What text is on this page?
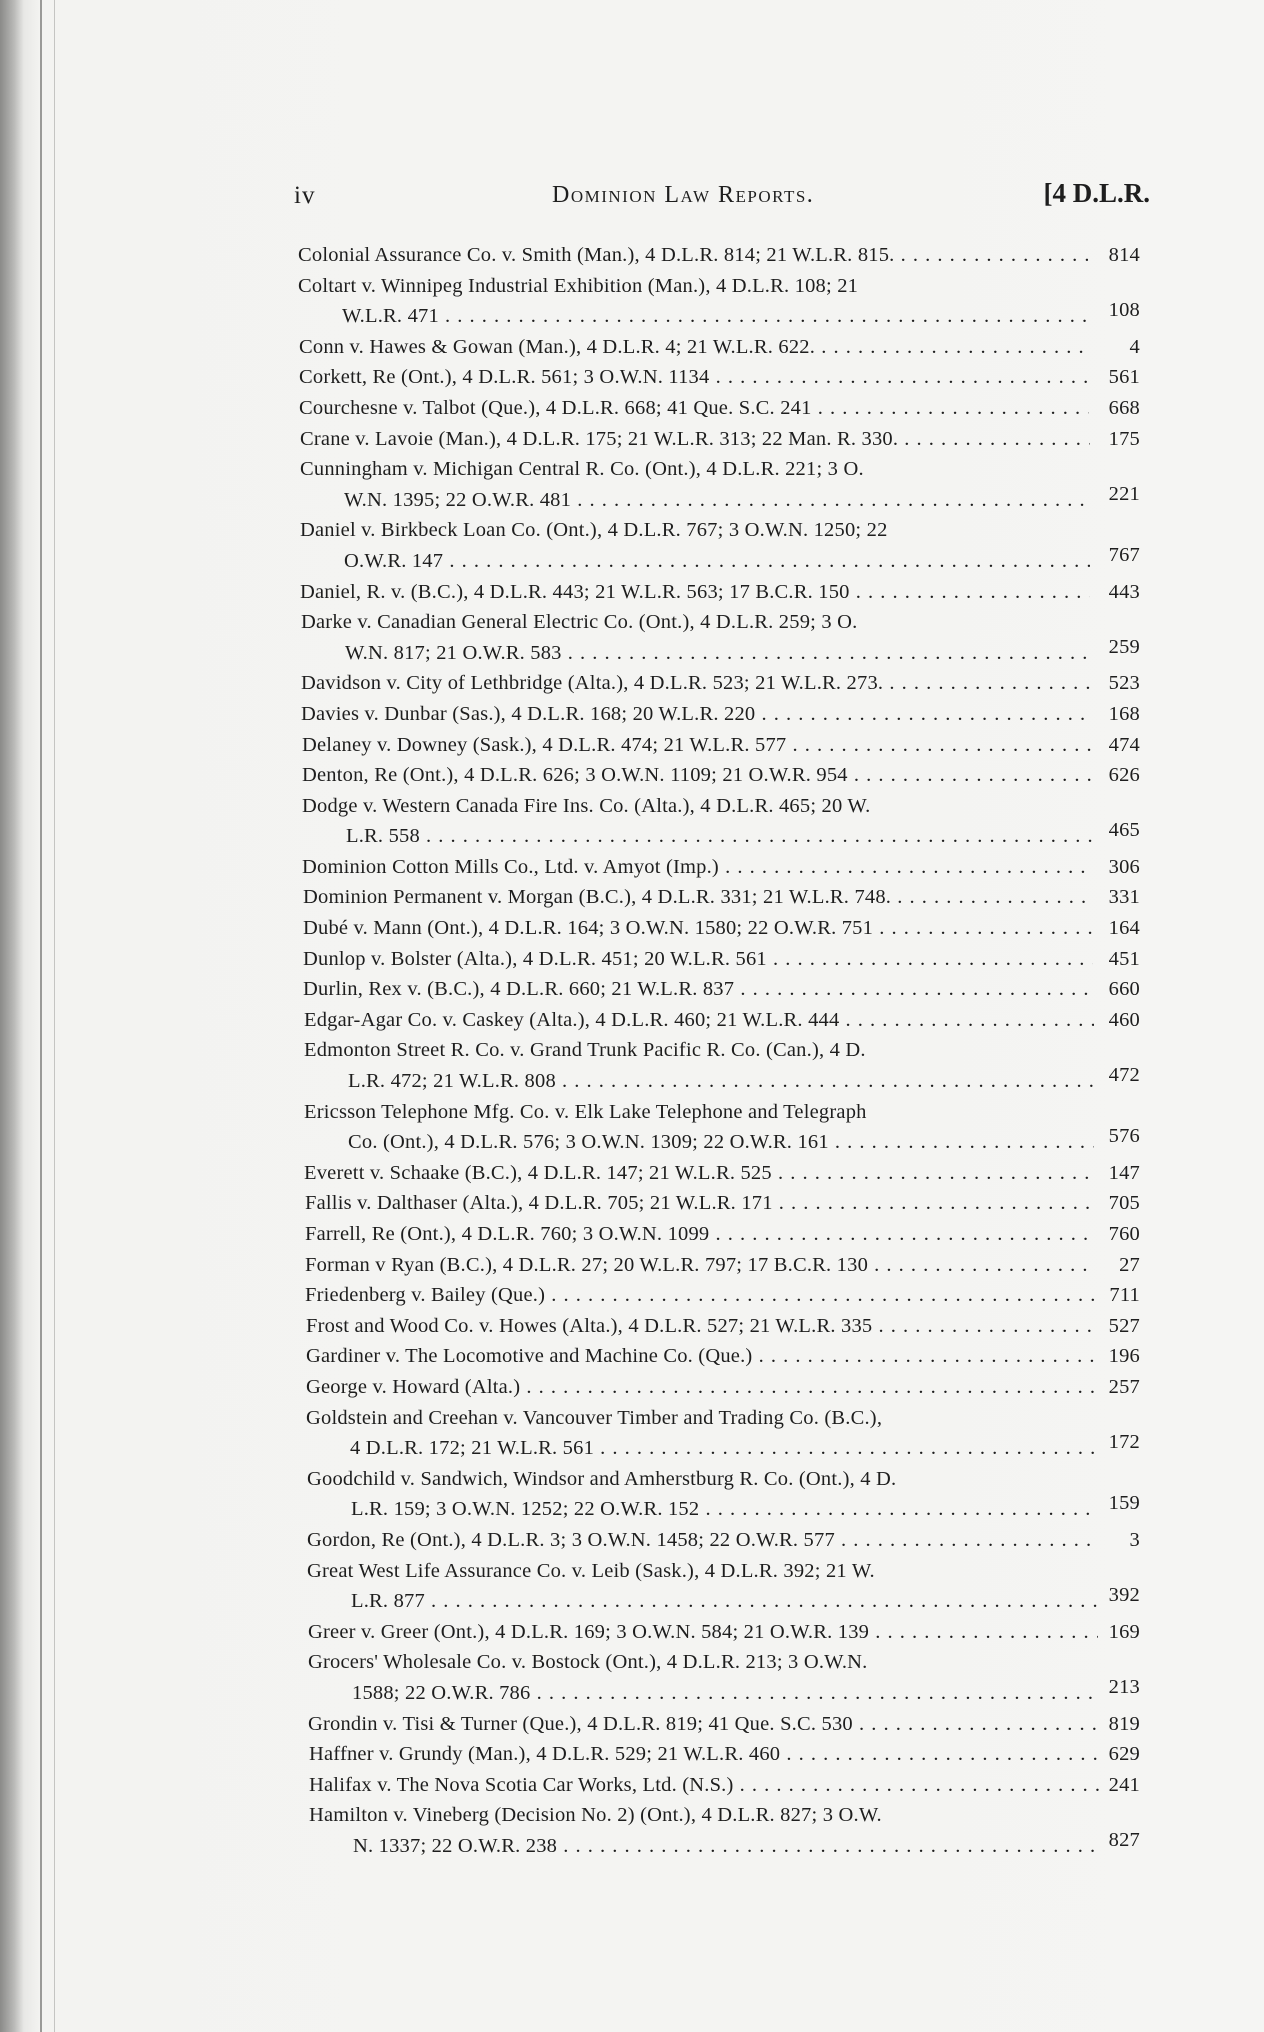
iv	Dominion Law Reports.	[4 D.L.R.
Colonial Assurance Co. v. Smith (Man.), 4 D.L.R. 814; 21 W.L.R. 815. . . .	814
Coltart v. Winnipeg Industrial Exhibition (Man.), 4 D.L.R. 108; 21
W.L.R. 471 . . .	108
Conn v. Hawes & Gowan (Man.), 4 D.L.R. 4; 21 W.L.R. 622. . . .	4
Corkett, Re (Ont.), 4 D.L.R. 561; 3 O.W.N. 1134 . . .	561
Courchesne v. Talbot (Que.), 4 D.L.R. 668; 41 Que. S.C. 241 . . .	668
Crane v. Lavoie (Man.), 4 D.L.R. 175; 21 W.L.R. 313; 22 Man. R. 330. . . .	175
Cunningham v. Michigan Central R. Co. (Ont.), 4 D.L.R. 221; 3 O.
W.N. 1395; 22 O.W.R. 481 . . .	221
Daniel v. Birkbeck Loan Co. (Ont.), 4 D.L.R. 767; 3 O.W.N. 1250; 22
O.W.R. 147 . . .	767
Daniel, R. v. (B.C.), 4 D.L.R. 443; 21 W.L.R. 563; 17 B.C.R. 150 . . .	443
Darke v. Canadian General Electric Co. (Ont.), 4 D.L.R. 259; 3 O.
W.N. 817; 21 O.W.R. 583 . . .	259
Davidson v. City of Lethbridge (Alta.), 4 D.L.R. 523; 21 W.L.R. 273. . . .	523
Davies v. Dunbar (Sas.), 4 D.L.R. 168; 20 W.L.R. 220 . . .	168
Delaney v. Downey (Sask.), 4 D.L.R. 474; 21 W.L.R. 577 . . .	474
Denton, Re (Ont.), 4 D.L.R. 626; 3 O.W.N. 1109; 21 O.W.R. 954 . . .	626
Dodge v. Western Canada Fire Ins. Co. (Alta.), 4 D.L.R. 465; 20 W.
L.R. 558 . . .	465
Dominion Cotton Mills Co., Ltd. v. Amyot (Imp.) . . .	306
Dominion Permanent v. Morgan (B.C.), 4 D.L.R. 331; 21 W.L.R. 748. . . .	331
Dubé v. Mann (Ont.), 4 D.L.R. 164; 3 O.W.N. 1580; 22 O.W.R. 751 . . .	164
Dunlop v. Bolster (Alta.), 4 D.L.R. 451; 20 W.L.R. 561 . . .	451
Durlin, Rex v. (B.C.), 4 D.L.R. 660; 21 W.L.R. 837 . . .	660
Edgar-Agar Co. v. Caskey (Alta.), 4 D.L.R. 460; 21 W.L.R. 444 . . .	460
Edmonton Street R. Co. v. Grand Trunk Pacific R. Co. (Can.), 4 D.
L.R. 472; 21 W.L.R. 808 . . .	472
Ericsson Telephone Mfg. Co. v. Elk Lake Telephone and Telegraph
Co. (Ont.), 4 D.L.R. 576; 3 O.W.N. 1309; 22 O.W.R. 161 . . .	576
Everett v. Schaake (B.C.), 4 D.L.R. 147; 21 W.L.R. 525 . . .	147
Fallis v. Dalthaser (Alta.), 4 D.L.R. 705; 21 W.L.R. 171 . . .	705
Farrell, Re (Ont.), 4 D.L.R. 760; 3 O.W.N. 1099 . . .	760
Forman v Ryan (B.C.), 4 D.L.R. 27; 20 W.L.R. 797; 17 B.C.R. 130 . . .	27
Friedenberg v. Bailey (Que.) . . .	711
Frost and Wood Co. v. Howes (Alta.), 4 D.L.R. 527; 21 W.L.R. 335 . . .	527
Gardiner v. The Locomotive and Machine Co. (Que.) . . .	196
George v. Howard (Alta.) . . .	257
Goldstein and Creehan v. Vancouver Timber and Trading Co. (B.C.),
4 D.L.R. 172; 21 W.L.R. 561 . . .	172
Goodchild v. Sandwich, Windsor and Amherstburg R. Co. (Ont.), 4 D.
L.R. 159; 3 O.W.N. 1252; 22 O.W.R. 152 . . .	159
Gordon, Re (Ont.), 4 D.L.R. 3; 3 O.W.N. 1458; 22 O.W.R. 577 . . .	3
Great West Life Assurance Co. v. Leib (Sask.), 4 D.L.R. 392; 21 W.
L.R. 877 . . .	392
Greer v. Greer (Ont.), 4 D.L.R. 169; 3 O.W.N. 584; 21 O.W.R. 139 . . .	169
Grocers' Wholesale Co. v. Bostock (Ont.), 4 D.L.R. 213; 3 O.W.N.
1588; 22 O.W.R. 786 . . .	213
Grondin v. Tisi & Turner (Que.), 4 D.L.R. 819; 41 Que. S.C. 530 . . .	819
Haffner v. Grundy (Man.), 4 D.L.R. 529; 21 W.L.R. 460 . . .	629
Halifax v. The Nova Scotia Car Works, Ltd. (N.S.) . . .	241
Hamilton v. Vineberg (Decision No. 2) (Ont.), 4 D.L.R. 827; 3 O.W.
N. 1337; 22 O.W.R. 238 . . .	827
